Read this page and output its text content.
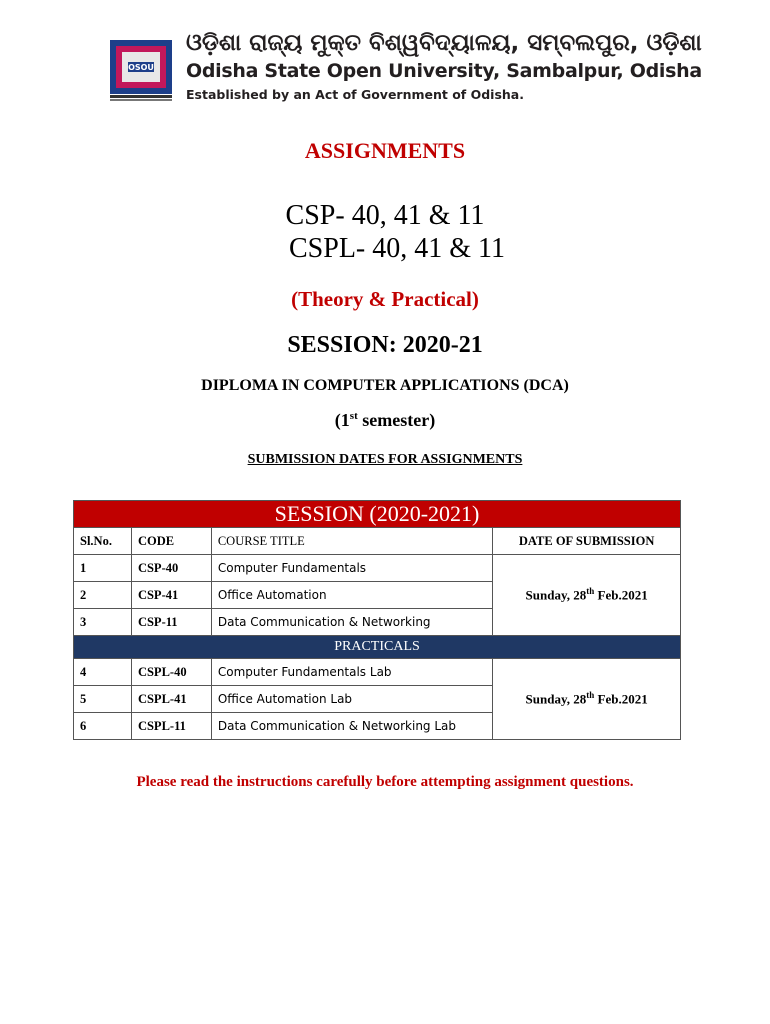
OSOU
ଓଡ଼ିଶା ରାଜ୍ୟ ମୁକ୍ତ ବିଶ୍ୱବିଦ୍ୟାଳୟ, ସମ୍ବଲପୁର, ଓଡ଼ିଶା
Odisha State Open University, Sambalpur, Odisha
Established by an Act of Government of Odisha.
ASSIGNMENTS
CSP- 40, 41 & 11
CSPL- 40, 41 & 11
(Theory & Practical)
SESSION: 2020-21
DIPLOMA IN COMPUTER APPLICATIONS (DCA)
(1st semester)
SUBMISSION DATES FOR ASSIGNMENTS
SESSION (2020-2021)			
Sl.No.	CODE	COURSE TITLE	DATE OF SUBMISSION
1	CSP-40	Computer Fundamentals	Sunday, 28th Feb.2021
2	CSP-41	Office Automation	
3	CSP-11	Data Communication & Networking	
PRACTICALS			
4	CSPL-40	Computer Fundamentals Lab	Sunday, 28th Feb.2021
5	CSPL-41	Office Automation Lab	
6	CSPL-11	Data Communication & Networking Lab	
Please read the instructions carefully before attempting assignment questions.
